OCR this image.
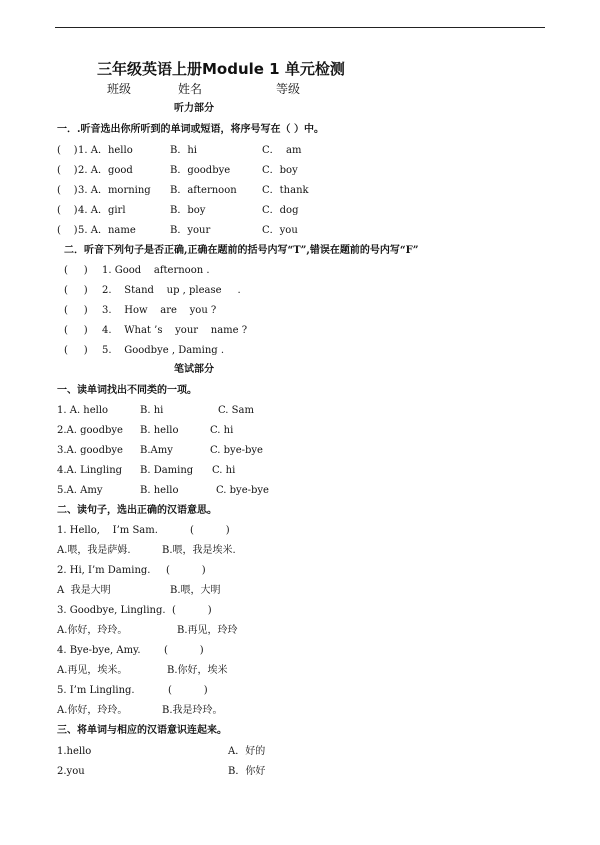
三年级英语上册Module 1 单元检测
班级	姓名	等级
听力部分
一．.听音选出你所听到的单词或短语，将序号写在（ ）中。
(    ) 1. A．hello	B．hi	C．  am
(    ) 2. A．good	B．goodbye	C．boy
(    ) 3. A．morning B．afternoon	C．thank
(    ) 4. A．girl	B．boy	C．dog
(    ) 5. A．name	B．your	C．you
二．听音下列句子是否正确,正确在题前的括号内写“T”,错误在题前的号内写“F”
(     ) 1. Good    afternoon .
(     ) 2.    Stand    up , please     .
(     ) 3.    How    are    you ?
(     ) 4.    What ’s    your    name ?
(     ) 5.    Goodbye , Daming .
笔试部分
一、读单词找出不同类的一项。
1. A. hello	B. hi	C. Sam
2.A. goodbye B. hello	C. hi
3.A. goodbye B.Amy	C. bye-bye
4.A. Lingling B. Daming C. hi
5.A. Amy	B. hello	C. bye-bye
二、读句子，选出正确的汉语意思。
1. Hello,    I’m Sam.	(          )
A.喂，我是萨姆.	B.喂，我是埃米.
2. Hi, I’m Daming. (          )
A  我是大明	B.喂，大明
3. Goodbye, Lingling. (          )
A.你好，玲玲。	B.再见，玲玲
4. Bye-bye, Amy. (          )
A.再见，埃米。	B.你好，埃米
5. I’m Lingling.	(          )
A.你好，玲玲。	B.我是玲玲。
三、将单词与相应的汉语意识连起来。
1.hello	A．好的
2.you	B．你好
